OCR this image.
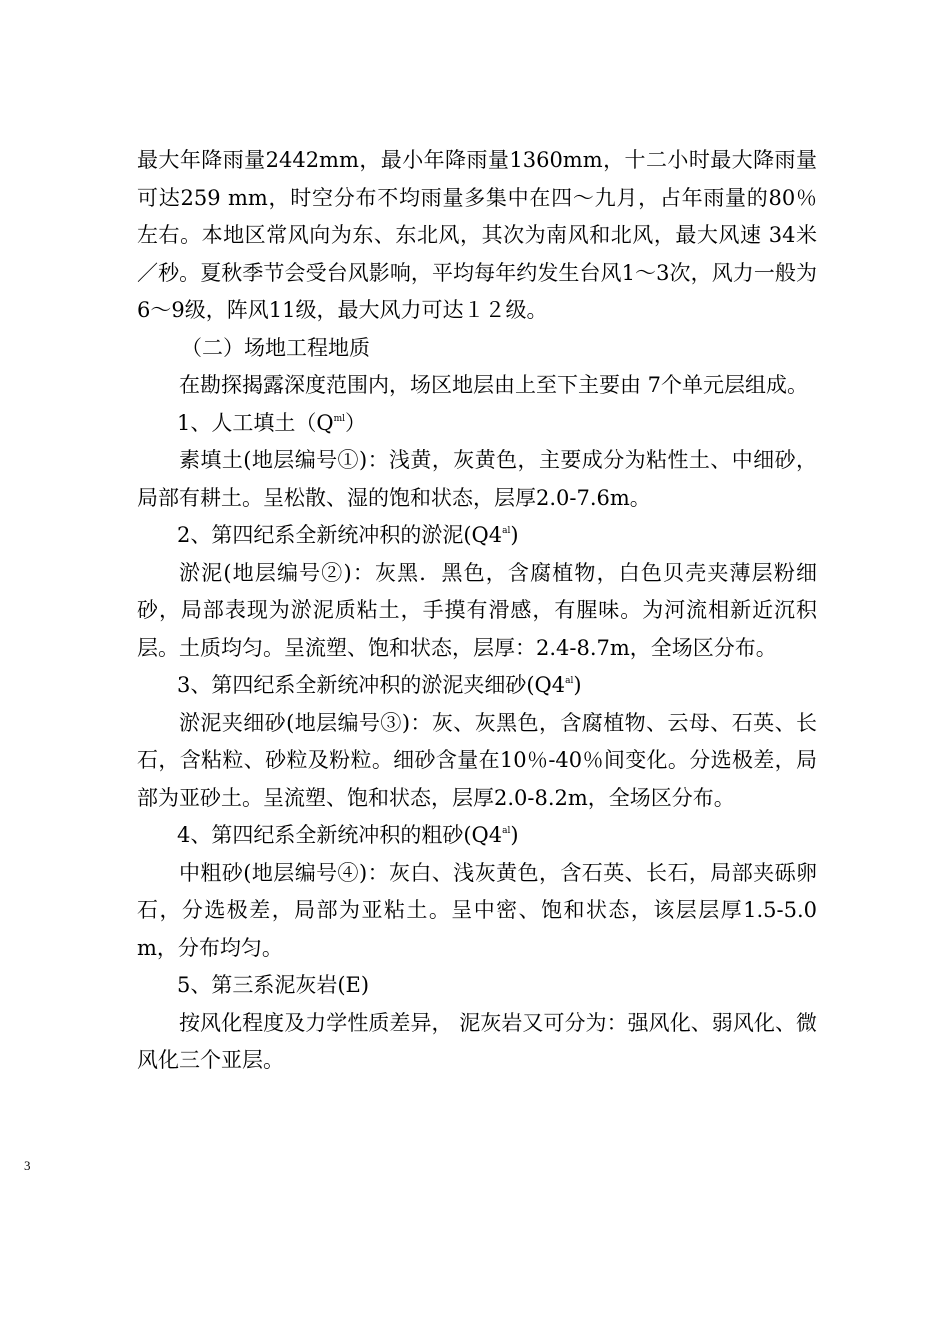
最大年降雨量2442mm，最小年降雨量1360mm，十二小时最大降雨量可达259 mm，时空分布不均雨量多集中在四～九月，占年雨量的80％左右。本地区常风向为东、东北风，其次为南风和北风，最大风速 34米／秒。夏秋季节会受台风影响，平均每年约发生台风1～3次，风力一般为6～9级，阵风11级，最大风力可达１２级。

（二）场地工程地质

在勘探揭露深度范围内，场区地层由上至下主要由 7个单元层组成。

1、人工填土（Q$^{ml}$）

素填土(地层编号①)：浅黄，灰黄色，主要成分为粘性土、中细砂，局部有耕土。呈松散、湿的饱和状态，层厚2.0-7.6m。

2、第四纪系全新统冲积的淤泥(Q4$^{al}$)

淤泥(地层编号②)：灰黑．黑色，含腐植物，白色贝壳夹薄层粉细砂，局部表现为淤泥质粘土，手摸有滑感，有腥味。为河流相新近沉积层。土质均匀。呈流塑、饱和状态，层厚：2.4-8.7m，全场区分布。

3、第四纪系全新统冲积的淤泥夹细砂(Q4$^{al}$)

淤泥夹细砂(地层编号③)：灰、灰黑色，含腐植物、云母、石英、长石，含粘粒、砂粒及粉粒。细砂含量在10％-40％间变化。分选极差，局部为亚砂土。呈流塑、饱和状态，层厚2.0-8.2m，全场区分布。

4、第四纪系全新统冲积的粗砂(Q4$^{al}$)

中粗砂(地层编号④)：灰白、浅灰黄色，含石英、长石，局部夹砾卵石，分选极差，局部为亚粘土。呈中密、饱和状态，该层层厚1.5-5.0m，分布均匀。

5、第三系泥灰岩(E)

按风化程度及力学性质差异， 泥灰岩又可分为：强风化、弱风化、微风化三个亚层。

3
